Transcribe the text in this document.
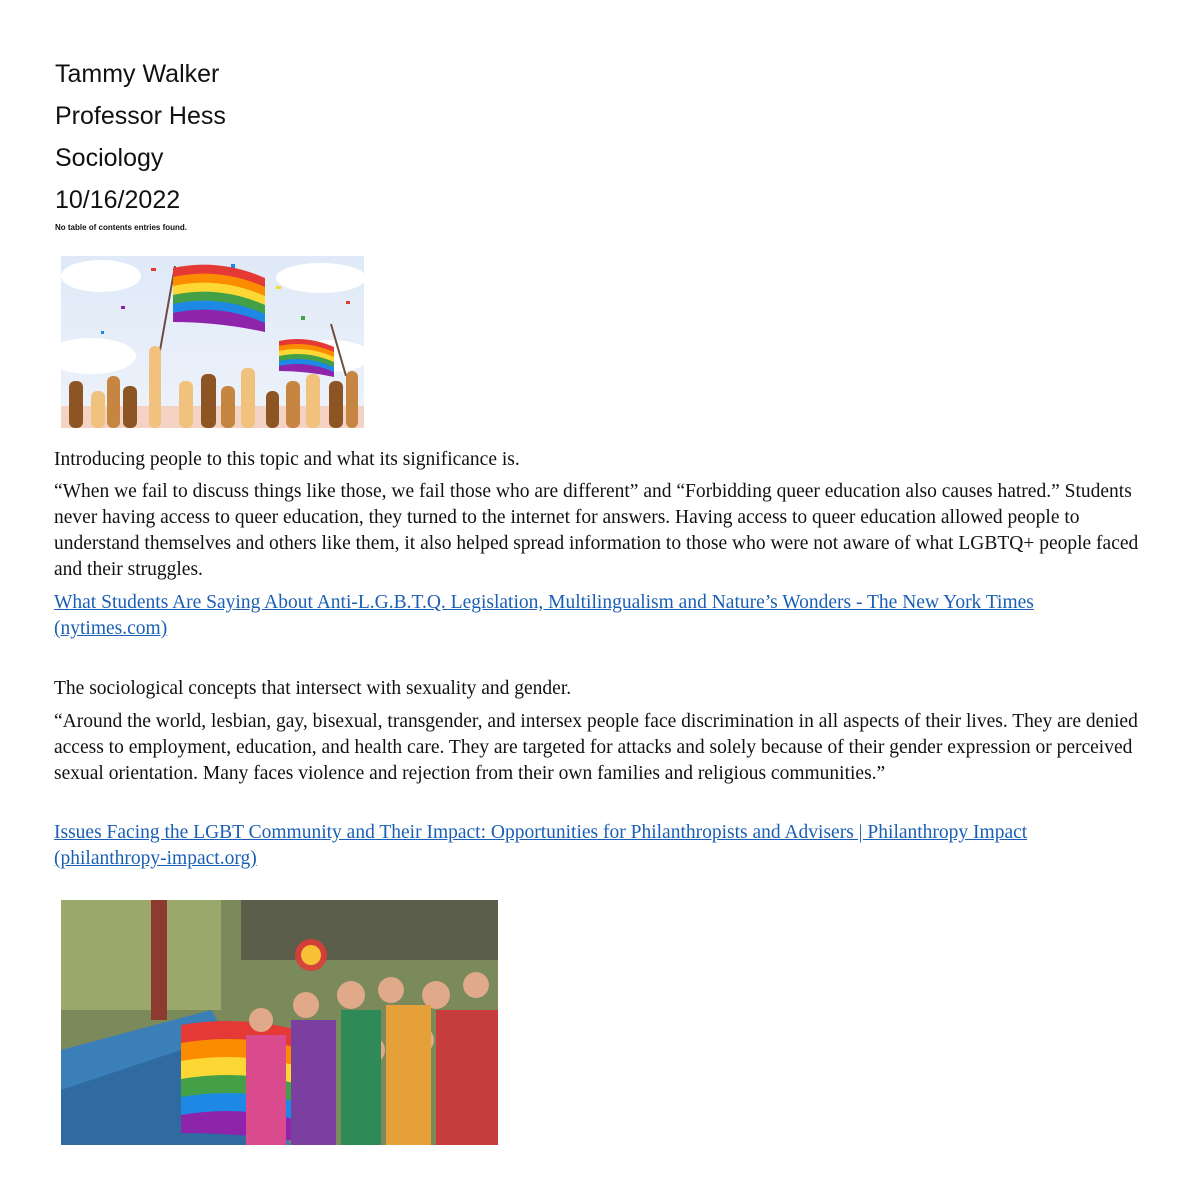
Tammy Walker

Professor Hess

Sociology

10/16/2022

No table of contents entries found.

Introducing people to this topic and what its significance is.

“When we fail to discuss things like those, we fail those who are different” and “Forbidding queer education also causes hatred.” Students never having access to queer education, they turned to the internet for answers. Having access to queer education allowed people to understand themselves and others like them, it also helped spread information to those who were not aware of what LGBTQ+ people faced and their struggles.

What Students Are Saying About Anti-L.G.B.T.Q. Legislation, Multilingualism and Nature’s Wonders - The New York Times (nytimes.com)

The sociological concepts that intersect with sexuality and gender.

“Around the world, lesbian, gay, bisexual, transgender, and intersex people face discrimination in all aspects of their lives. They are denied access to employment, education, and health care. They are targeted for attacks and solely because of their gender expression or perceived sexual orientation. Many faces violence and rejection from their own families and religious communities.”

Issues Facing the LGBT Community and Their Impact: Opportunities for Philanthropists and Advisers | Philanthropy Impact (philanthropy-impact.org)
